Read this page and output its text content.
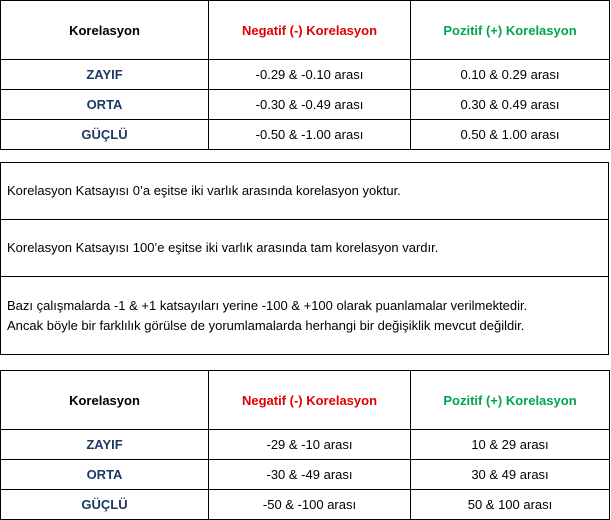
Korelasyon	Negatif (-) Korelasyon	Pozitif (+) Korelasyon
ZAYIF	-0.29 & -0.10 arası	0.10 & 0.29 arası
ORTA	-0.30 & -0.49 arası	0.30 & 0.49 arası
GÜÇLÜ	-0.50 & -1.00 arası	0.50 & 1.00 arası
Korelasyon Katsayısı 0’a eşitse iki varlık arasında korelasyon yoktur.
Korelasyon Katsayısı 100’e eşitse iki varlık arasında tam korelasyon vardır.

Bazı çalışmalarda -1 & +1 katsayıları yerine -100 & +100 olarak puanlamalar verilmektedir.
Ancak böyle bir farklılık görülse de yorumlamalarda herhangi bir değişiklik mevcut değildir.
Korelasyon	Negatif (-) Korelasyon	Pozitif (+) Korelasyon
ZAYIF	-29 & -10 arası	10 & 29 arası
ORTA	-30 & -49 arası	30 & 49 arası
GÜÇLÜ	-50 & -100 arası	50 & 100 arası
